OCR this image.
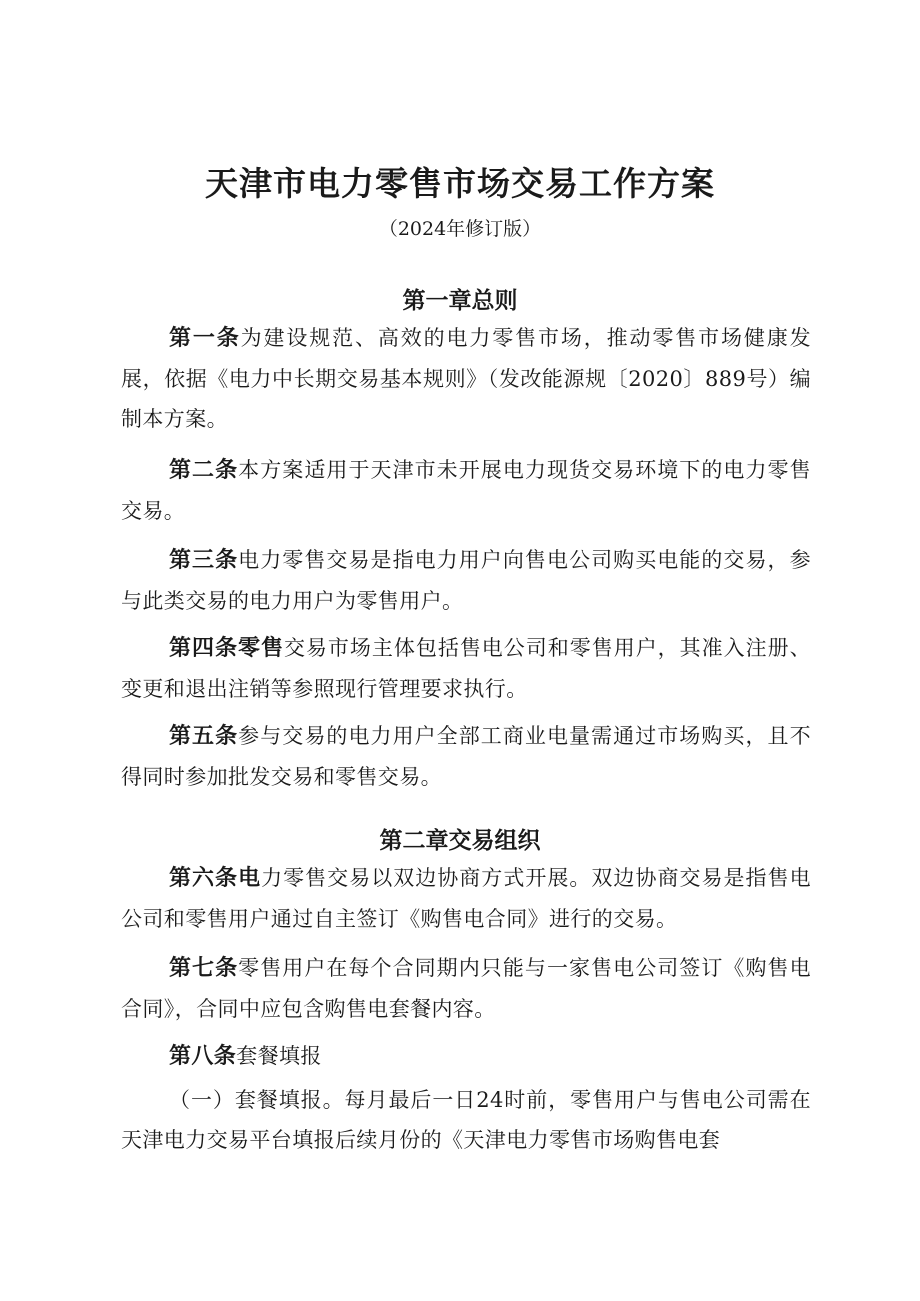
天津市电力零售市场交易工作方案

（2024年修订版）

第一章总则

第一条为建设规范、高效的电力零售市场，推动零售市场健康发展，依据《电力中长期交易基本规则》（发改能源规〔2020〕889号）编制本方案。

第二条本方案适用于天津市未开展电力现货交易环境下的电力零售交易。

第三条电力零售交易是指电力用户向售电公司购买电能的交易，参与此类交易的电力用户为零售用户。

第四条零售交易市场主体包括售电公司和零售用户，其准入注册、变更和退出注销等参照现行管理要求执行。

第五条参与交易的电力用户全部工商业电量需通过市场购买，且不得同时参加批发交易和零售交易。

第二章交易组织

第六条电力零售交易以双边协商方式开展。双边协商交易是指售电公司和零售用户通过自主签订《购售电合同》进行的交易。

第七条零售用户在每个合同期内只能与一家售电公司签订《购售电合同》，合同中应包含购售电套餐内容。

第八条套餐填报

（一）套餐填报。每月最后一日24时前，零售用户与售电公司需在天津电力交易平台填报后续月份的《天津电力零售市场购售电套
